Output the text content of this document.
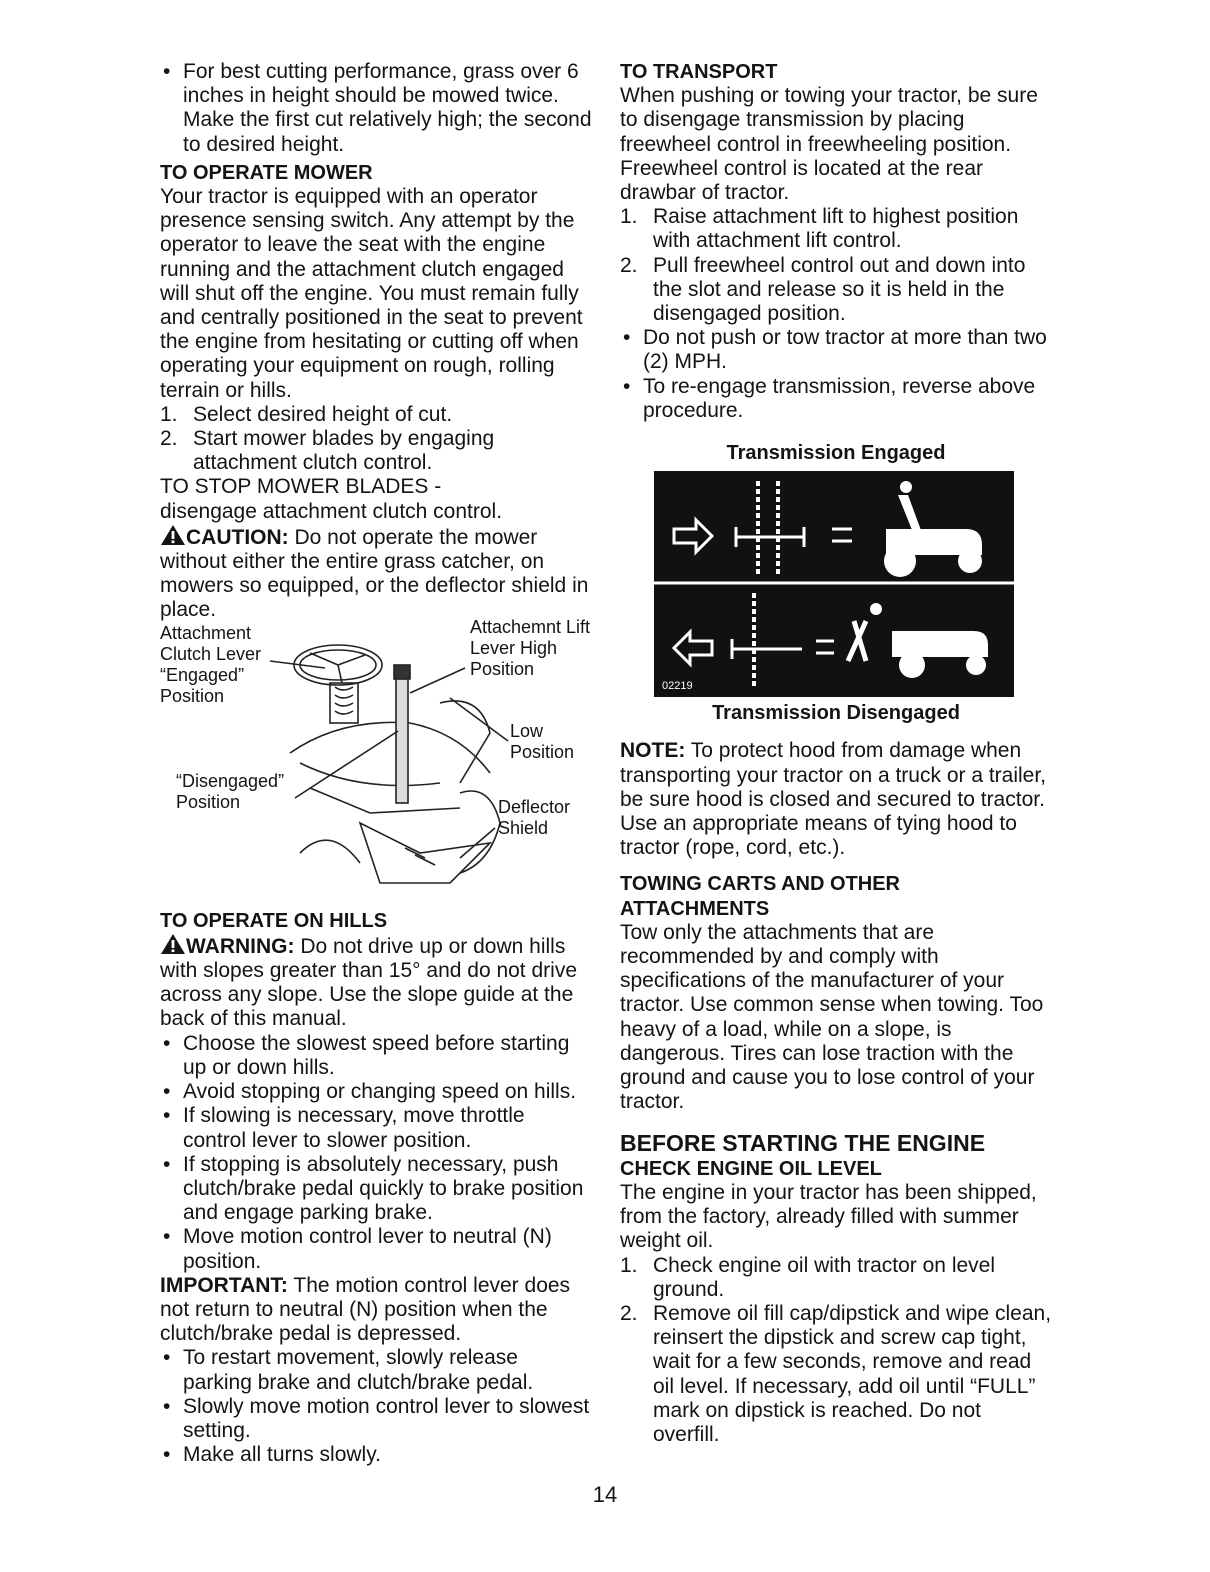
• For best cutting performance, grass over 6 inches in height should be mowed twice. Make the first cut relatively high; the second to desired height.

TO OPERATE MOWER

Your tractor is equipped with an operator presence sensing switch. Any attempt by the operator to leave the seat with the engine running and the attachment clutch engaged will shut off the engine. You must remain fully and centrally positioned in the seat to prevent the engine from hesitating or cutting off when operating your equipment on rough, rolling terrain or hills.

1. Select desired height of cut.
2. Start mower blades by engaging attachment clutch control.

TO STOP MOWER BLADES -

disengage attachment clutch control.

CAUTION: Do not operate the mower without either the entire grass catcher, on mowers so equipped, or the deflector shield in place.

Attachment Clutch Lever “Engaged” Position
Attachemnt Lift Lever High Position
Low Position
“Disengaged” Position	Deflector Shield

TO OPERATE ON HILLS

WARNING: Do not drive up or down hills with slopes greater than 15° and do not drive across any slope. Use the slope guide at the back of this manual.

• Choose the slowest speed before starting up or down hills.
• Avoid stopping or changing speed on hills.
• If slowing is necessary, move throttle control lever to slower position.
• If stopping is absolutely necessary, push clutch/brake pedal quickly to brake position and engage parking brake.
• Move motion control lever to neutral (N) position.

IMPORTANT: The motion control lever does not return to neutral (N) position when the clutch/brake pedal is depressed.

• To restart movement, slowly release parking brake and clutch/brake pedal.
• Slowly move motion control lever to slowest setting.
• Make all turns slowly.

TO TRANSPORT

When pushing or towing your tractor, be sure to disengage transmission by placing freewheel control in freewheeling position. Freewheel control is located at the rear drawbar of tractor.

1. Raise attachment lift to highest position with attachment lift control.
2. Pull freewheel control out and down into the slot and release so it is held in the disengaged position.
• Do not push or tow tractor at more than two (2) MPH.
• To re-engage transmission, reverse above procedure.

Transmission Engaged

02219

Transmission Disengaged

NOTE: To protect hood from damage when transporting your tractor on a truck or a trailer, be sure hood is closed and secured to tractor. Use an appropriate means of tying hood to tractor (rope, cord, etc.).

TOWING CARTS AND OTHER ATTACHMENTS

Tow only the attachments that are recommended by and comply with specifications of the manufacturer of your tractor. Use common sense when towing. Too heavy of a load, while on a slope, is dangerous. Tires can lose traction with the ground and cause you to lose control of your tractor.

BEFORE STARTING THE ENGINE

CHECK ENGINE OIL LEVEL

The engine in your tractor has been shipped, from the factory, already filled with summer weight oil.

1. Check engine oil with tractor on level ground.
2. Remove oil fill cap/dipstick and wipe clean, reinsert the dipstick and screw cap tight, wait for a few seconds, remove and read oil level. If necessary, add oil until “FULL” mark on dipstick is reached. Do not overfill.
14
